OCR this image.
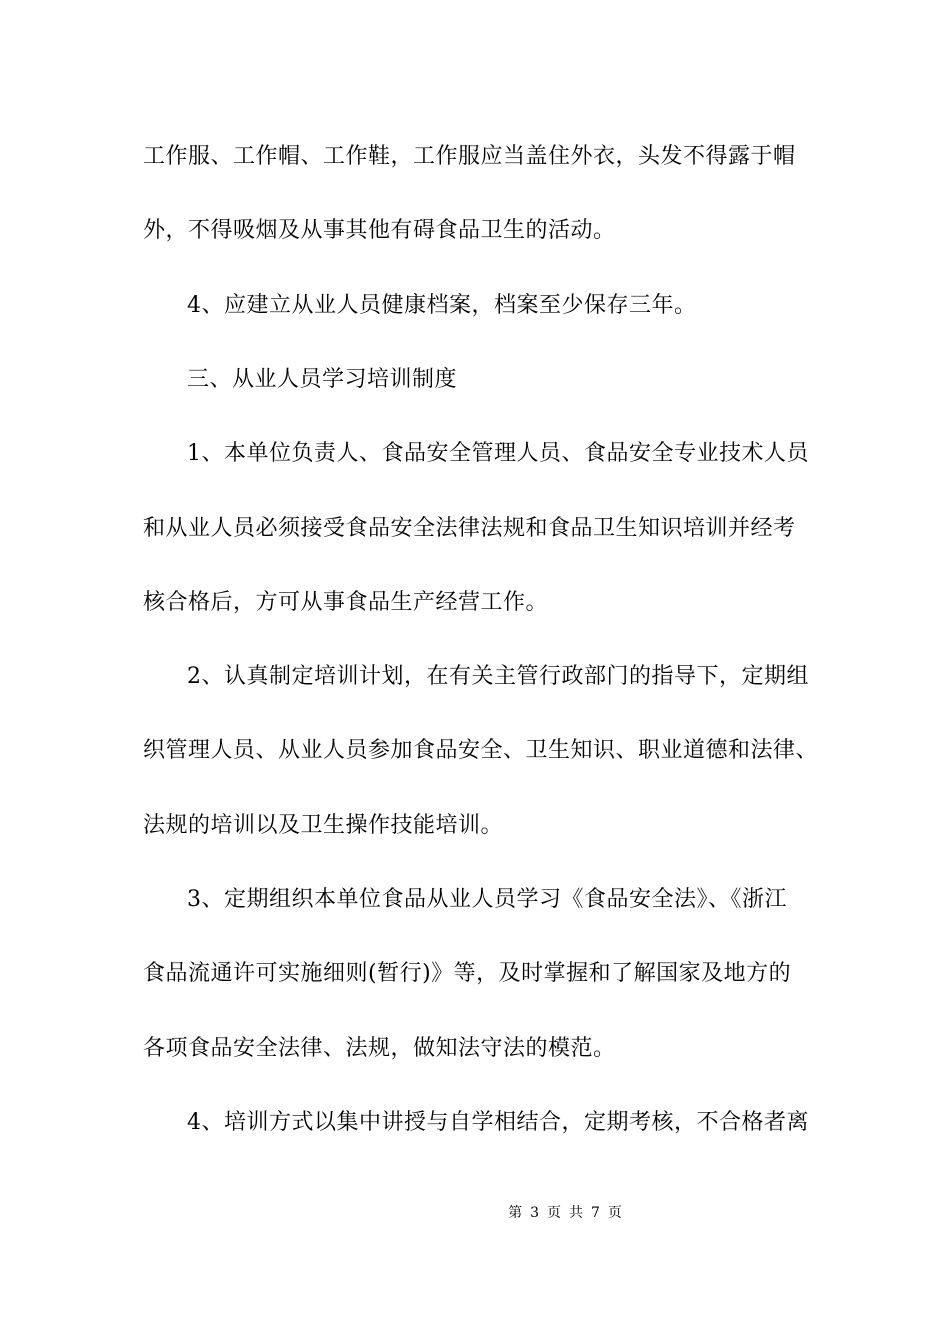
工作服、工作帽、工作鞋，工作服应当盖住外衣，头发不得露于帽
外，不得吸烟及从事其他有碍食品卫生的活动。
4、应建立从业人员健康档案，档案至少保存三年。
三、从业人员学习培训制度
1、本单位负责人、食品安全管理人员、食品安全专业技术人员
和从业人员必须接受食品安全法律法规和食品卫生知识培训并经考
核合格后，方可从事食品生产经营工作。
2、认真制定培训计划，在有关主管行政部门的指导下，定期组
织管理人员、从业人员参加食品安全、卫生知识、职业道德和法律、
法规的培训以及卫生操作技能培训。
3、定期组织本单位食品从业人员学习《食品安全法》、《浙江
食品流通许可实施细则(暂行)》等，及时掌握和了解国家及地方的
各项食品安全法律、法规，做知法守法的模范。
4、培训方式以集中讲授与自学相结合，定期考核，不合格者离
第 3 页 共 7 页
